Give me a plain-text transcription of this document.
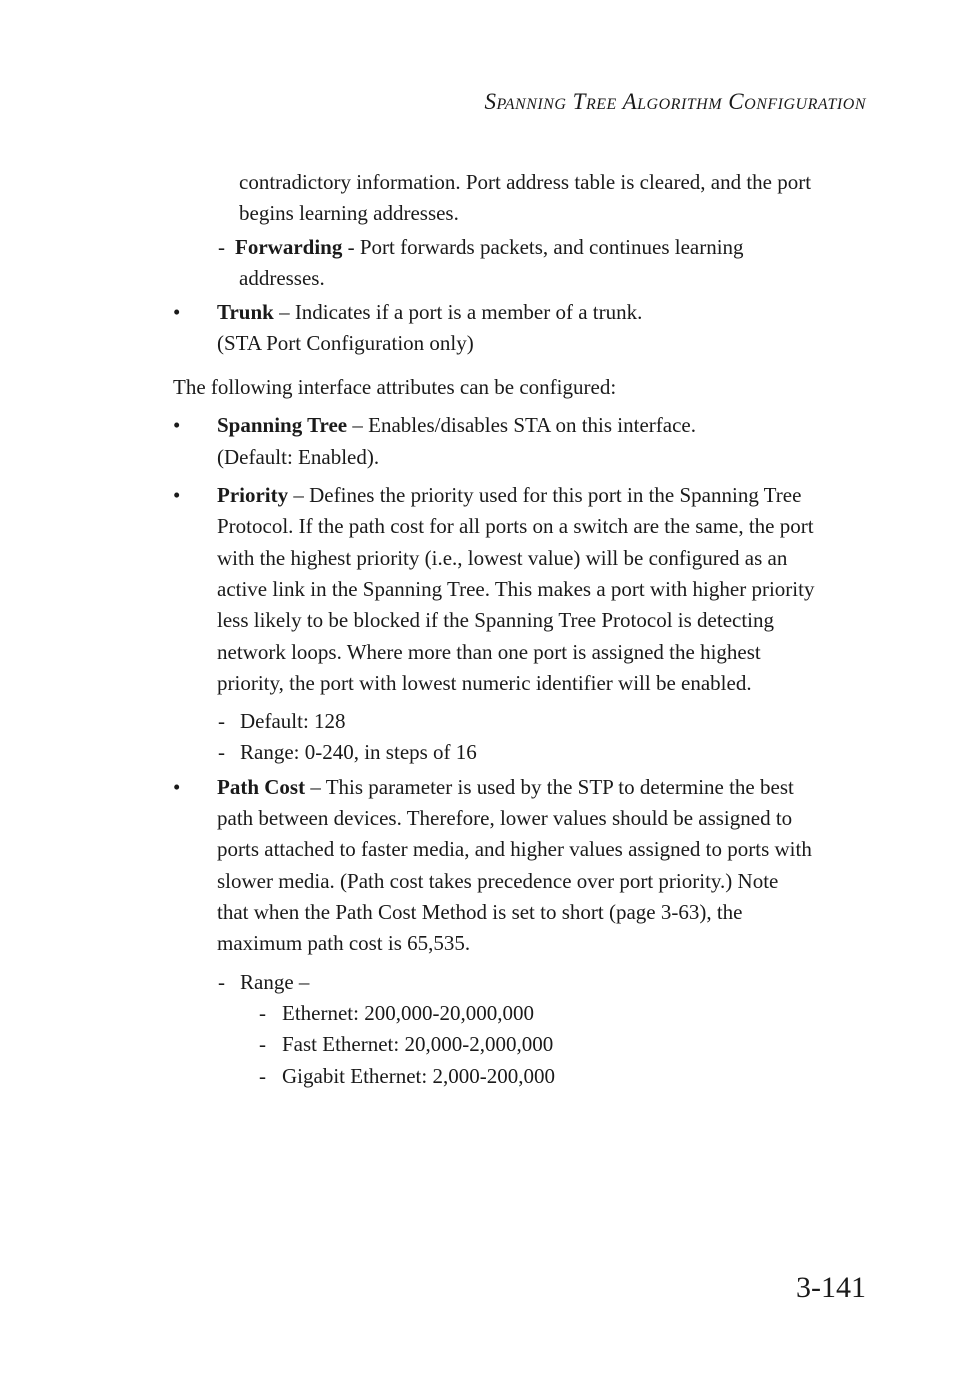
Spanning Tree Algorithm Configuration
contradictory information. Port address table is cleared, and the port
begins learning addresses.
- Forwarding - Port forwards packets, and continues learning
addresses.
• Trunk – Indicates if a port is a member of a trunk.
(STA Port Configuration only)
The following interface attributes can be configured:
• Spanning Tree – Enables/disables STA on this interface.
(Default: Enabled).
• Priority – Defines the priority used for this port in the Spanning Tree
Protocol. If the path cost for all ports on a switch are the same, the port
with the highest priority (i.e., lowest value) will be configured as an
active link in the Spanning Tree. This makes a port with higher priority
less likely to be blocked if the Spanning Tree Protocol is detecting
network loops. Where more than one port is assigned the highest
priority, the port with lowest numeric identifier will be enabled.
- Default: 128
- Range: 0-240, in steps of 16
• Path Cost – This parameter is used by the STP to determine the best
path between devices. Therefore, lower values should be assigned to
ports attached to faster media, and higher values assigned to ports with
slower media. (Path cost takes precedence over port priority.) Note
that when the Path Cost Method is set to short (page 3-63), the
maximum path cost is 65,535.
- Range –
- Ethernet: 200,000-20,000,000
- Fast Ethernet: 20,000-2,000,000
- Gigabit Ethernet: 2,000-200,000
3-141
